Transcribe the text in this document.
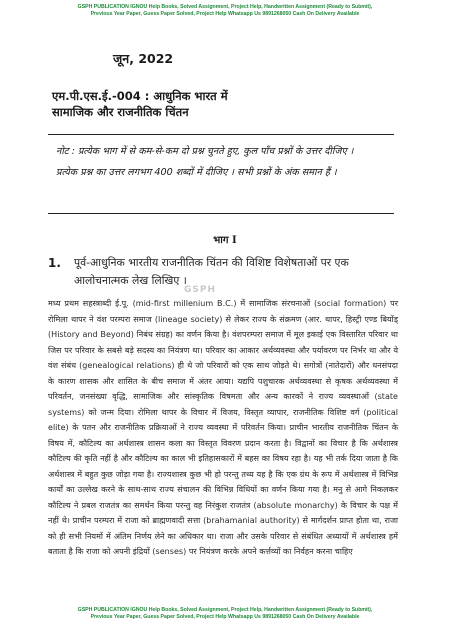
GSPH PUBLICATION IGNOU Help Books, Solved Assignment, Project Help, Handwritten Assignment (Ready to Submit),
Previous Year Paper, Guess Paper Solved, Project Help Whatsapp Us 9891268050 Cash On Delivery Available
जून, 2022
एम.पी.एस.ई.-004 : आधुनिक भारत में
सामाजिक और राजनीतिक चिंतन
नोट : प्रत्येक भाग में से कम-से-कम दो प्रश्न चुनते हुए, कुल पाँच प्रश्नों के उत्तर दीजिए । प्रत्येक प्रश्न का उत्तर लगभग 400 शब्दों में दीजिए । सभी प्रश्नों के अंक समान हैं ।
भाग I
1. पूर्व-आधुनिक भारतीय राजनीतिक चिंतन की विशिष्ट विशेषताओं पर एक आलोचनात्मक लेख लिखिए ।
GSPH
मध्य प्रथम सहस्त्राब्दी ई.पू. (mid-first millenium B.C.) में सामाजिक संरचनाओं (social formation) पर रोमिला थापर ने वंश परम्परा समाज (lineage society) से लेकर राज्य के संक्रमण (आर. थापर, हिस्ट्री एण्ड बियोंड् (History and Beyond) निबंध संग्रह) का वर्णन किया है। वंशपरम्परा समाज में मूल इकाई एक विस्तारित परिवार था जिस पर परिवार के सबसे बड़े सदस्य का नियंत्रण था। परिवार का आकार अर्थव्यवस्था और पर्यावरण पर निर्भर था और ये वंश संबंध (genealogical relations) ही थे जो परिवारों को एक साथ जोड़ते थे। सगोत्रों (नातेदारों) और धनसंपदा के कारण शासक और शासित के बीच समाज में अंतर आया। यद्यपि पशुचारक अर्थव्यवस्था से कृषक अर्थव्यवस्था में परिवर्तन, जनसंख्या वृद्धि, सामाजिक और सांस्कृतिक विषमता और अन्य कारकों ने राज्य व्यवस्थाओं (state systems) को जन्म दिया। रोमिला थापर के विचार में विजय, विस्तृत व्यापार, राजनीतिक विशिष्ट वर्ग (political elite) के पतन और राजनीतिक प्रक्रियाओं ने राज्य व्यवस्था में परिवर्तन किया। प्राचीन भारतीय राजनीतिक चिंतन के विषय में, कौटिल्य का अर्थशास्त्र शासन कला का विस्तृत विवरण प्रदान करता है। विद्वानों का विचार है कि अर्थशास्त्र कौटिल्य की कृति नहीं है और कौटिल्य का काल भी इतिहासकारों में बहस का विषय रहा है। यह भी तर्क दिया जाता है कि अर्थशास्त्र में बहुत कुछ जोड़ा गया है। राज्यशास्त्र कुछ भी हो परन्तु तथ्य यह है कि एक ग्रंथ के रूप में अर्थशास्त्र में विभिन्न कार्यों का उल्लेख करने के साथ-साथ राज्य संचालन की विभिन्न विधियों का वर्णन किया गया है। मनु से आगे निकलकर कौटिल्य ने प्रबल राजतंत्र का समर्थन किया परन्तु वह निरंकुश राजतंत्र (absolute monarchy) के विचार के पक्ष में नहीं थे। प्राचीन परम्परा में राजा को ब्राह्मणवादी सत्ता (brahamanial authority) से मार्गदर्शन प्राप्त होता था, राजा को ही सभी नियमों में अंतिम निर्णय लेने का अधिकार था। राजा और उसके परिवार से संबंधित अध्यायों में अर्थशास्त्र हमें बताता है कि राजा को अपनी इंद्रियों (senses) पर नियंत्रण करके अपने कर्त्तव्यों का निर्वहन करना चाहिए
GSPH PUBLICATION IGNOU Help Books, Solved Assignment, Project Help, Handwritten Assignment (Ready to Submit),
Previous Year Paper, Guess Paper Solved, Project Help Whatsapp Us 9891268050 Cash On Delivery Available
